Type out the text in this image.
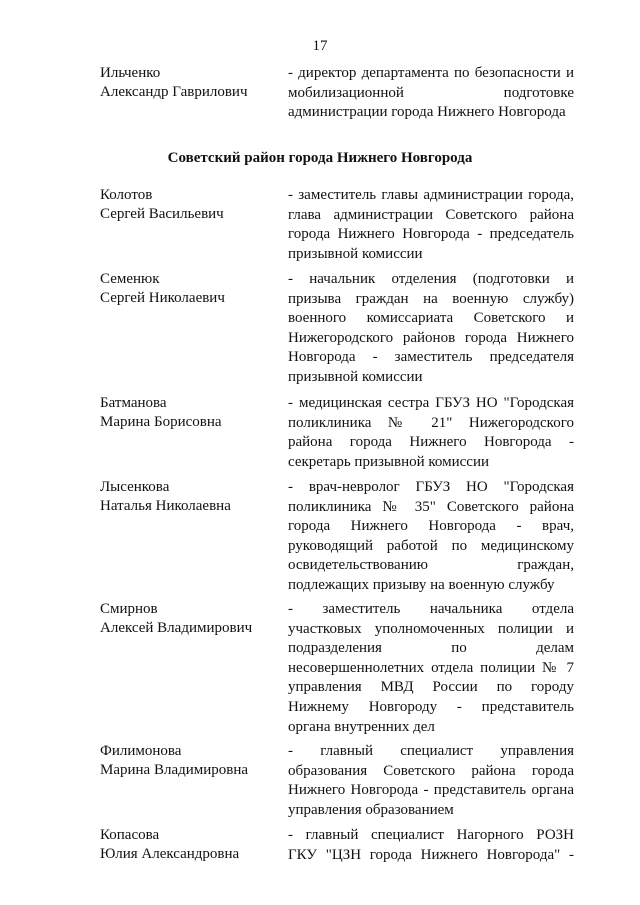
17
Советский район города Нижнего Новгорода
Ильченко
Александр Гаврилович
- директор департамента по безопасности и
мобилизационной подготовке
администрации города Нижнего Новгорода
Колотов
Сергей Васильевич
- заместитель главы администрации города,
глава администрации Советского района
города Нижнего Новгорода - председатель
призывной комиссии
Семенюк
Сергей Николаевич
- начальник отделения (подготовки и
призыва граждан на военную службу)
военного комиссариата Советского и
Нижегородского районов города Нижнего
Новгорода - заместитель председателя
призывной комиссии
Батманова
Марина Борисовна
- медицинская сестра ГБУЗ НО "Городская
поликлиника № 21" Нижегородского
района города Нижнего Новгорода -
секретарь призывной комиссии
Лысенкова
Наталья Николаевна
- врач-невролог ГБУЗ НО "Городская
поликлиника № 35" Советского района
города Нижнего Новгорода - врач,
руководящий работой по медицинскому
освидетельствованию граждан,
подлежащих призыву на военную службу
Смирнов
Алексей Владимирович
- заместитель начальника отдела
участковых уполномоченных полиции и
подразделения по делам
несовершеннолетних отдела полиции № 7
управления МВД России по городу
Нижнему Новгороду - представитель
органа внутренних дел
Филимонова
Марина Владимировна
- главный специалист управления
образования Советского района города
Нижнего Новгорода - представитель органа
управления образованием
Копасова
Юлия Александровна
- главный специалист Нагорного РОЗН
ГКУ "ЦЗН города Нижнего Новгорода" -
